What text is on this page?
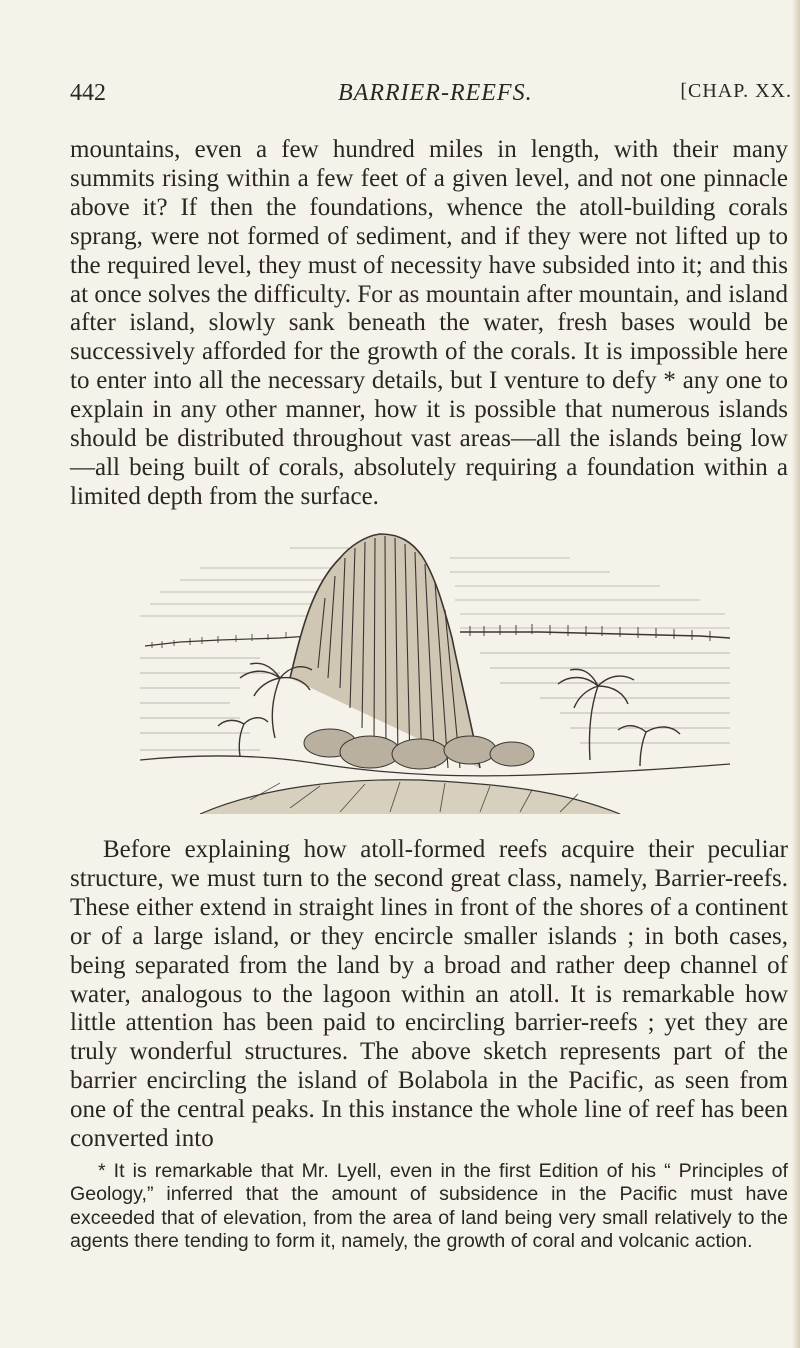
442	BARRIER-REEFS.	[CHAP. XX.

mountains, even a few hundred miles in length, with their many summits rising within a few feet of a given level, and not one pinnacle above it? If then the foundations, whence the atoll-building corals sprang, were not formed of sediment, and if they were not lifted up to the required level, they must of necessity have subsided into it; and this at once solves the difficulty. For as mountain after mountain, and island after island, slowly sank beneath the water, fresh bases would be successively afforded for the growth of the corals. It is impossible here to enter into all the necessary details, but I venture to defy * any one to explain in any other manner, how it is possible that numerous islands should be distributed throughout vast areas—all the islands being low—all being built of corals, absolutely requiring a foundation within a limited depth from the surface.

Before explaining how atoll-formed reefs acquire their peculiar structure, we must turn to the second great class, namely, Barrier-reefs. These either extend in straight lines in front of the shores of a continent or of a large island, or they encircle smaller islands ; in both cases, being separated from the land by a broad and rather deep channel of water, analogous to the lagoon within an atoll. It is remarkable how little attention has been paid to encircling barrier-reefs ; yet they are truly wonderful structures. The above sketch represents part of the barrier encircling the island of Bolabola in the Pacific, as seen from one of the central peaks. In this instance the whole line of reef has been converted into

* It is remarkable that Mr. Lyell, even in the first Edition of his “ Principles of Geology,” inferred that the amount of subsidence in the Pacific must have exceeded that of elevation, from the area of land being very small relatively to the agents there tending to form it, namely, the growth of coral and volcanic action.
